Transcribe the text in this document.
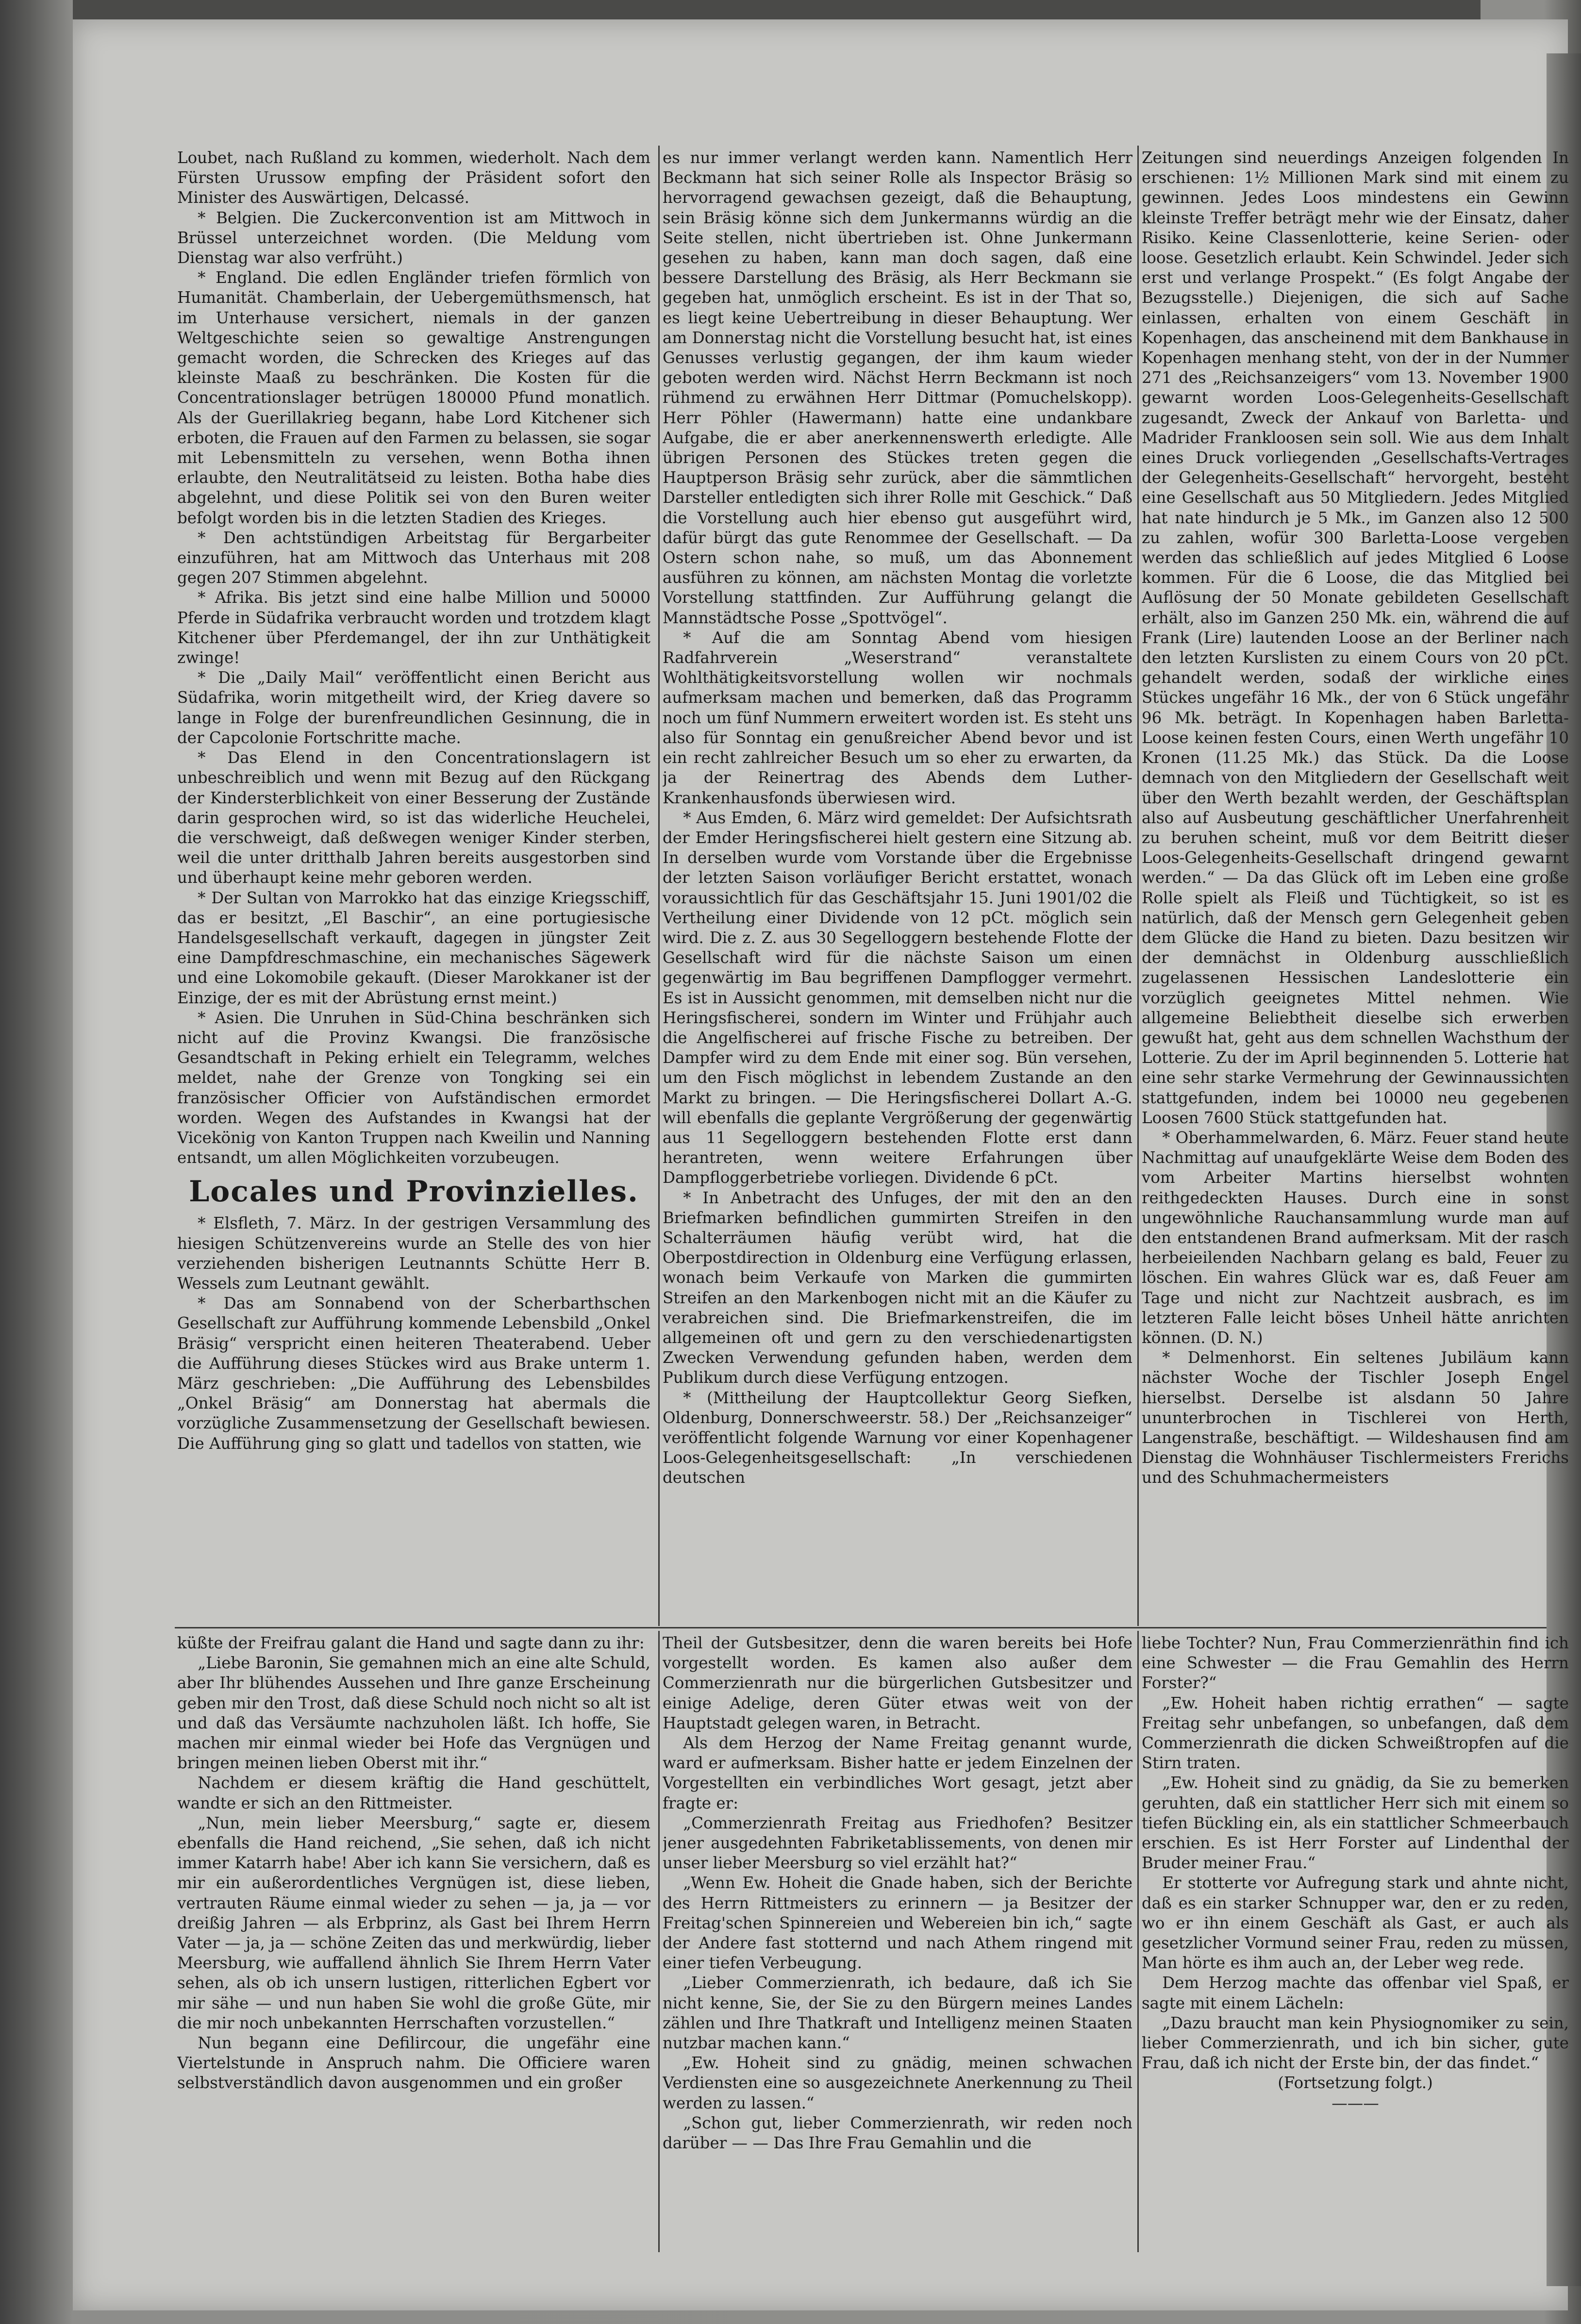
Loubet, nach Rußland zu kommen, wiederholt. Nach dem Fürsten Urussow empfing der Präsident sofort den Minister des Auswärtigen, Delcassé.

* Belgien. Die Zuckerconvention ist am Mittwoch in Brüssel unterzeichnet worden. (Die Meldung vom Dienstag war also verfrüht.)

* England. Die edlen Engländer triefen förmlich von Humanität. Chamberlain, der Uebergemüthsmensch, hat im Unterhause versichert, niemals in der ganzen Weltgeschichte seien so gewaltige Anstrengungen gemacht worden, die Schrecken des Krieges auf das kleinste Maaß zu beschränken. Die Kosten für die Concentrationslager betrügen 180000 Pfund monatlich. Als der Guerillakrieg begann, habe Lord Kitchener sich erboten, die Frauen auf den Farmen zu belassen, sie sogar mit Lebensmitteln zu versehen, wenn Botha ihnen erlaubte, den Neutralitätseid zu leisten. Botha habe dies abgelehnt, und diese Politik sei von den Buren weiter befolgt worden bis in die letzten Stadien des Krieges.

* Den achtstündigen Arbeitstag für Bergarbeiter einzuführen, hat am Mittwoch das Unterhaus mit 208 gegen 207 Stimmen abgelehnt.

* Afrika. Bis jetzt sind eine halbe Million und 50000 Pferde in Südafrika verbraucht worden und trotzdem klagt Kitchener über Pferdemangel, der ihn zur Unthätigkeit zwinge!

* Die „Daily Mail“ veröffentlicht einen Bericht aus Südafrika, worin mitgetheilt wird, der Krieg davere so lange in Folge der burenfreundlichen Gesinnung, die in der Capcolonie Fortschritte mache.

* Das Elend in den Concentrationslagern ist unbeschreiblich und wenn mit Bezug auf den Rückgang der Kindersterblichkeit von einer Besserung der Zustände darin gesprochen wird, so ist das widerliche Heuchelei, die verschweigt, daß deßwegen weniger Kinder sterben, weil die unter dritthalb Jahren bereits ausgestorben sind und überhaupt keine mehr geboren werden.

* Der Sultan von Marrokko hat das einzige Kriegsschiff, das er besitzt, „El Baschir“, an eine portugiesische Handelsgesellschaft verkauft, dagegen in jüngster Zeit eine Dampfdreschmaschine, ein mechanisches Sägewerk und eine Lokomobile gekauft. (Dieser Marokkaner ist der Einzige, der es mit der Abrüstung ernst meint.)

* Asien. Die Unruhen in Süd-China beschränken sich nicht auf die Provinz Kwangsi. Die französische Gesandtschaft in Peking erhielt ein Telegramm, welches meldet, nahe der Grenze von Tongking sei ein französischer Officier von Aufständischen ermordet worden. Wegen des Aufstandes in Kwangsi hat der Vicekönig von Kanton Truppen nach Kweilin und Nanning entsandt, um allen Möglichkeiten vorzubeugen.

Locales und Provinzielles.

* Elsfleth, 7. März. In der gestrigen Versammlung des hiesigen Schützenvereins wurde an Stelle des von hier verziehenden bisherigen Leutnannts Schütte Herr B. Wessels zum Leutnant gewählt.

* Das am Sonnabend von der Scherbarthschen Gesellschaft zur Aufführung kommende Lebensbild „Onkel Bräsig“ verspricht einen heiteren Theaterabend. Ueber die Aufführung dieses Stückes wird aus Brake unterm 1. März geschrieben: „Die Aufführung des Lebensbildes „Onkel Bräsig“ am Donnerstag hat abermals die vorzügliche Zusammensetzung der Gesellschaft bewiesen. Die Aufführung ging so glatt und tadellos von statten, wie

es nur immer verlangt werden kann. Namentlich Herr Beckmann hat sich seiner Rolle als Inspector Bräsig so hervorragend gewachsen gezeigt, daß die Behauptung, sein Bräsig könne sich dem Junkermanns würdig an die Seite stellen, nicht übertrieben ist. Ohne Junkermann gesehen zu haben, kann man doch sagen, daß eine bessere Darstellung des Bräsig, als Herr Beckmann sie gegeben hat, unmöglich erscheint. Es ist in der That so, es liegt keine Uebertreibung in dieser Behauptung. Wer am Donnerstag nicht die Vorstellung besucht hat, ist eines Genusses verlustig gegangen, der ihm kaum wieder geboten werden wird. Nächst Herrn Beckmann ist noch rühmend zu erwähnen Herr Dittmar (Pomuchelskopp). Herr Pöhler (Hawermann) hatte eine undankbare Aufgabe, die er aber anerkennenswerth erledigte. Alle übrigen Personen des Stückes treten gegen die Hauptperson Bräsig sehr zurück, aber die sämmtlichen Darsteller entledigten sich ihrer Rolle mit Geschick.“ Daß die Vorstellung auch hier ebenso gut ausgeführt wird, dafür bürgt das gute Renommee der Gesellschaft. — Da Ostern schon nahe, so muß, um das Abonnement ausführen zu können, am nächsten Montag die vorletzte Vorstellung stattfinden. Zur Aufführung gelangt die Mannstädtsche Posse „Spottvögel“.

* Auf die am Sonntag Abend vom hiesigen Radfahrverein „Weserstrand“ veranstaltete Wohlthätigkeitsvorstellung wollen wir nochmals aufmerksam machen und bemerken, daß das Programm noch um fünf Nummern erweitert worden ist. Es steht uns also für Sonntag ein genußreicher Abend bevor und ist ein recht zahlreicher Besuch um so eher zu erwarten, da ja der Reinertrag des Abends dem Luther-Krankenhausfonds überwiesen wird.

* Aus Emden, 6. März wird gemeldet: Der Aufsichtsrath der Emder Heringsfischerei hielt gestern eine Sitzung ab. In derselben wurde vom Vorstande über die Ergebnisse der letzten Saison vorläufiger Bericht erstattet, wonach voraussichtlich für das Geschäftsjahr 15. Juni 1901/02 die Vertheilung einer Dividende von 12 pCt. möglich sein wird. Die z. Z. aus 30 Segelloggern bestehende Flotte der Gesellschaft wird für die nächste Saison um einen gegenwärtig im Bau begriffenen Dampflogger vermehrt. Es ist in Aussicht genommen, mit demselben nicht nur die Heringsfischerei, sondern im Winter und Frühjahr auch die Angelfischerei auf frische Fische zu betreiben. Der Dampfer wird zu dem Ende mit einer sog. Bün versehen, um den Fisch möglichst in lebendem Zustande an den Markt zu bringen. — Die Heringsfischerei Dollart A.-G. will ebenfalls die geplante Vergrößerung der gegenwärtig aus 11 Segelloggern bestehenden Flotte erst dann herantreten, wenn weitere Erfahrungen über Dampfloggerbetriebe vorliegen. Dividende 6 pCt.

* In Anbetracht des Unfuges, der mit den an den Briefmarken befindlichen gummirten Streifen in den Schalterräumen häufig verübt wird, hat die Oberpostdirection in Oldenburg eine Verfügung erlassen, wonach beim Verkaufe von Marken die gummirten Streifen an den Markenbogen nicht mit an die Käufer zu verabreichen sind. Die Briefmarkenstreifen, die im allgemeinen oft und gern zu den verschiedenartigsten Zwecken Verwendung gefunden haben, werden dem Publikum durch diese Verfügung entzogen.

* (Mittheilung der Hauptcollektur Georg Siefken, Oldenburg, Donnerschweerstr. 58.) Der „Reichsanzeiger“ veröffentlicht folgende Warnung vor einer Kopenhagener Loos-Gelegenheitsgesellschaft: „In verschiedenen deutschen

Zeitungen sind neuerdings Anzeigen folgenden In erschienen: 1½ Millionen Mark sind mit einem zu gewinnen. Jedes Loos mindestens ein Gewinn kleinste Treffer beträgt mehr wie der Einsatz, daher Risiko. Keine Classenlotterie, keine Serien- oder loose. Gesetzlich erlaubt. Kein Schwindel. Jeder sich erst und verlange Prospekt.“ (Es folgt Angabe der Bezugsstelle.) Diejenigen, die sich auf Sache einlassen, erhalten von einem Geschäft in Kopenhagen, das anscheinend mit dem Bankhause in Kopenhagen menhang steht, von der in der Nummer 271 des „Reichsanzeigers“ vom 13. November 1900 gewarnt worden Loos-Gelegenheits-Gesellschaft zugesandt, Zweck der Ankauf von Barletta- und Madrider Frankloosen sein soll. Wie aus dem Inhalt eines Druck vorliegenden „Gesellschafts-Vertrages der Gelegenheits-Gesellschaft“ hervorgeht, besteht eine Gesellschaft aus 50 Mitgliedern. Jedes Mitglied hat nate hindurch je 5 Mk., im Ganzen also 12 500 zu zahlen, wofür 300 Barletta-Loose vergeben werden das schließlich auf jedes Mitglied 6 Loose kommen. Für die 6 Loose, die das Mitglied bei Auflösung der 50 Monate gebildeten Gesellschaft erhält, also im Ganzen 250 Mk. ein, während die auf Frank (Lire) lautenden Loose an der Berliner nach den letzten Kurslisten zu einem Cours von 20 pCt. gehandelt werden, sodaß der wirkliche eines Stückes ungefähr 16 Mk., der von 6 Stück ungefähr 96 Mk. beträgt. In Kopenhagen haben Barletta-Loose keinen festen Cours, einen Werth ungefähr 10 Kronen (11.25 Mk.) das Stück. Da die Loose demnach von den Mitgliedern der Gesellschaft weit über den Werth bezahlt werden, der Geschäftsplan also auf Ausbeutung geschäftlicher Unerfahrenheit zu beruhen scheint, muß vor dem Beitritt dieser Loos-Gelegenheits-Gesellschaft dringend gewarnt werden.“ — Da das Glück oft im Leben eine große Rolle spielt als Fleiß und Tüchtigkeit, so ist es natürlich, daß der Mensch gern Gelegenheit geben dem Glücke die Hand zu bieten. Dazu besitzen wir der demnächst in Oldenburg ausschließlich zugelassenen Hessischen Landeslotterie ein vorzüglich geeignetes Mittel nehmen. Wie allgemeine Beliebtheit dieselbe sich erwerben gewußt hat, geht aus dem schnellen Wachsthum der Lotterie. Zu der im April beginnenden 5. Lotterie hat eine sehr starke Vermehrung der Gewinnaussichten stattgefunden, indem bei 10000 neu gegebenen Loosen 7600 Stück stattgefunden hat.

* Oberhammelwarden, 6. März. Feuer stand heute Nachmittag auf unaufgeklärte Weise dem Boden des vom Arbeiter Martins hierselbst wohnten reithgedeckten Hauses. Durch eine in sonst ungewöhnliche Rauchansammlung wurde man auf den entstandenen Brand aufmerksam. Mit der rasch herbeieilenden Nachbarn gelang es bald, Feuer zu löschen. Ein wahres Glück war es, daß Feuer am Tage und nicht zur Nachtzeit ausbrach, es im letzteren Falle leicht böses Unheil hätte anrichten können. (D. N.)

* Delmenhorst. Ein seltenes Jubiläum kann nächster Woche der Tischler Joseph Engel hierselbst. Derselbe ist alsdann 50 Jahre ununterbrochen in Tischlerei von Herth, Langenstraße, beschäftigt. — Wildeshausen find am Dienstag die Wohnhäuser Tischlermeisters Frerichs und des Schuhmachermeisters

küßte der Freifrau galant die Hand und sagte dann zu ihr:

„Liebe Baronin, Sie gemahnen mich an eine alte Schuld, aber Ihr blühendes Aussehen und Ihre ganze Erscheinung geben mir den Trost, daß diese Schuld noch nicht so alt ist und daß das Versäumte nachzuholen läßt. Ich hoffe, Sie machen mir einmal wieder bei Hofe das Vergnügen und bringen meinen lieben Oberst mit ihr.“

Nachdem er diesem kräftig die Hand geschüttelt, wandte er sich an den Rittmeister.

„Nun, mein lieber Meersburg,“ sagte er, diesem ebenfalls die Hand reichend, „Sie sehen, daß ich nicht immer Katarrh habe! Aber ich kann Sie versichern, daß es mir ein außerordentliches Vergnügen ist, diese lieben, vertrauten Räume einmal wieder zu sehen — ja, ja — vor dreißig Jahren — als Erbprinz, als Gast bei Ihrem Herrn Vater — ja, ja — schöne Zeiten das und merkwürdig, lieber Meersburg, wie auffallend ähnlich Sie Ihrem Herrn Vater sehen, als ob ich unsern lustigen, ritterlichen Egbert vor mir sähe — und nun haben Sie wohl die große Güte, mir die mir noch unbekannten Herrschaften vorzustellen.“

Nun begann eine Defilircour, die ungefähr eine Viertelstunde in Anspruch nahm. Die Officiere waren selbstverständlich davon ausgenommen und ein großer

Theil der Gutsbesitzer, denn die waren bereits bei Hofe vorgestellt worden. Es kamen also außer dem Commerzienrath nur die bürgerlichen Gutsbesitzer und einige Adelige, deren Güter etwas weit von der Hauptstadt gelegen waren, in Betracht.

Als dem Herzog der Name Freitag genannt wurde, ward er aufmerksam. Bisher hatte er jedem Einzelnen der Vorgestellten ein verbindliches Wort gesagt, jetzt aber fragte er:

„Commerzienrath Freitag aus Friedhofen? Besitzer jener ausgedehnten Fabriketablissements, von denen mir unser lieber Meersburg so viel erzählt hat?“

„Wenn Ew. Hoheit die Gnade haben, sich der Berichte des Herrn Rittmeisters zu erinnern — ja Besitzer der Freitag'schen Spinnereien und Webereien bin ich,“ sagte der Andere fast stotternd und nach Athem ringend mit einer tiefen Verbeugung.

„Lieber Commerzienrath, ich bedaure, daß ich Sie nicht kenne, Sie, der Sie zu den Bürgern meines Landes zählen und Ihre Thatkraft und Intelligenz meinen Staaten nutzbar machen kann.“

„Ew. Hoheit sind zu gnädig, meinen schwachen Verdiensten eine so ausgezeichnete Anerkennung zu Theil werden zu lassen.“

„Schon gut, lieber Commerzienrath, wir reden noch darüber — — Das Ihre Frau Gemahlin und die

liebe Tochter? Nun, Frau Commerzienräthin find ich eine Schwester — die Frau Gemahlin des Herrn Forster?“

„Ew. Hoheit haben richtig errathen“ — sagte Freitag sehr unbefangen, so unbefangen, daß dem Commerzienrath die dicken Schweißtropfen auf die Stirn traten.

„Ew. Hoheit sind zu gnädig, da Sie zu bemerken geruhten, daß ein stattlicher Herr sich mit einem so tiefen Bückling ein, als ein stattlicher Schmeerbauch erschien. Es ist Herr Forster auf Lindenthal der Bruder meiner Frau.“

Er stotterte vor Aufregung stark und ahnte nicht, daß es ein starker Schnupper war, den er zu reden, wo er ihn einem Geschäft als Gast, er auch als gesetzlicher Vormund seiner Frau, reden zu müssen, Man hörte es ihm auch an, der Leber weg rede.

Dem Herzog machte das offenbar viel Spaß, er sagte mit einem Lächeln:

„Dazu braucht man kein Physiognomiker zu sein, lieber Commerzienrath, und ich bin sicher, gute Frau, daß ich nicht der Erste bin, der das findet.“

(Fortsetzung folgt.)

———
